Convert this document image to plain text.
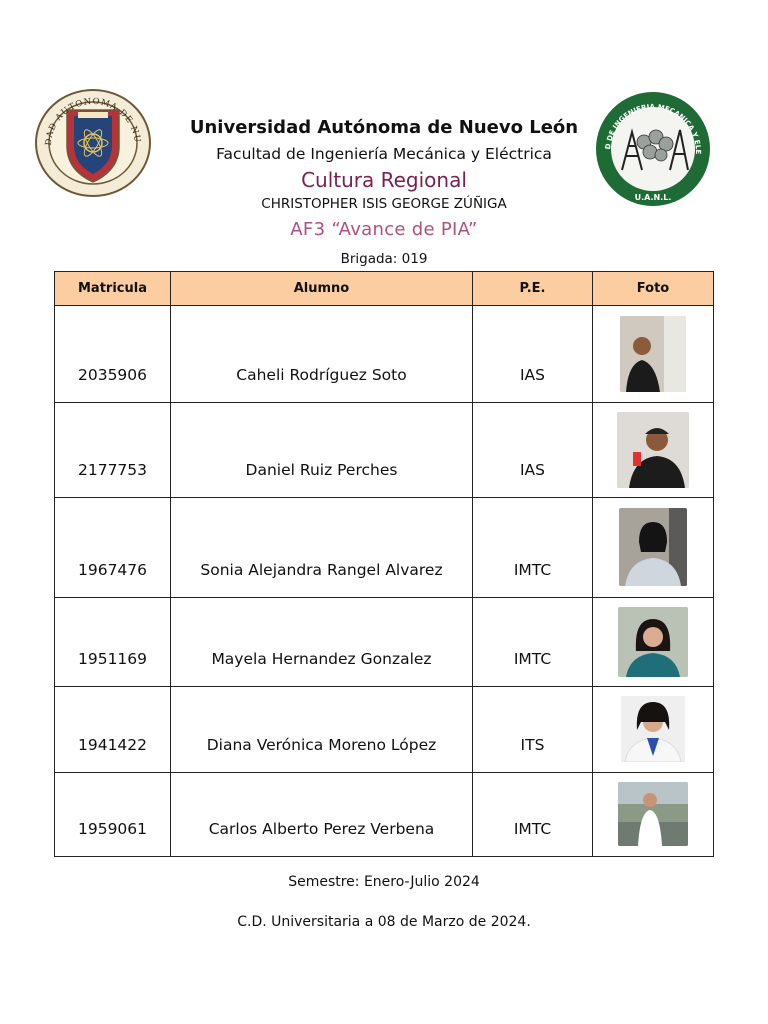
DAD AUTONOMA DE NU
D DE INGENIERIA MECANICA Y ELE
U.A.N.L.
Universidad Autónoma de Nuevo León
Facultad de Ingeniería Mecánica y Eléctrica
Cultura Regional
CHRISTOPHER ISIS GEORGE ZÚÑIGA
AF3 “Avance de PIA”
Brigada: 019
Matricula	Alumno	P.E.	Foto
2035906	Caheli Rodríguez Soto	IAS	

2177753	Daniel Ruiz Perches	IAS	

1967476	Sonia Alejandra Rangel Alvarez	IMTC	

1951169	Mayela Hernandez Gonzalez	IMTC	

1941422	Diana Verónica Moreno López	ITS	

1959061	Carlos Alberto Perez Verbena	IMTC	
Semestre: Enero-Julio 2024
C.D. Universitaria a 08 de Marzo de 2024.
